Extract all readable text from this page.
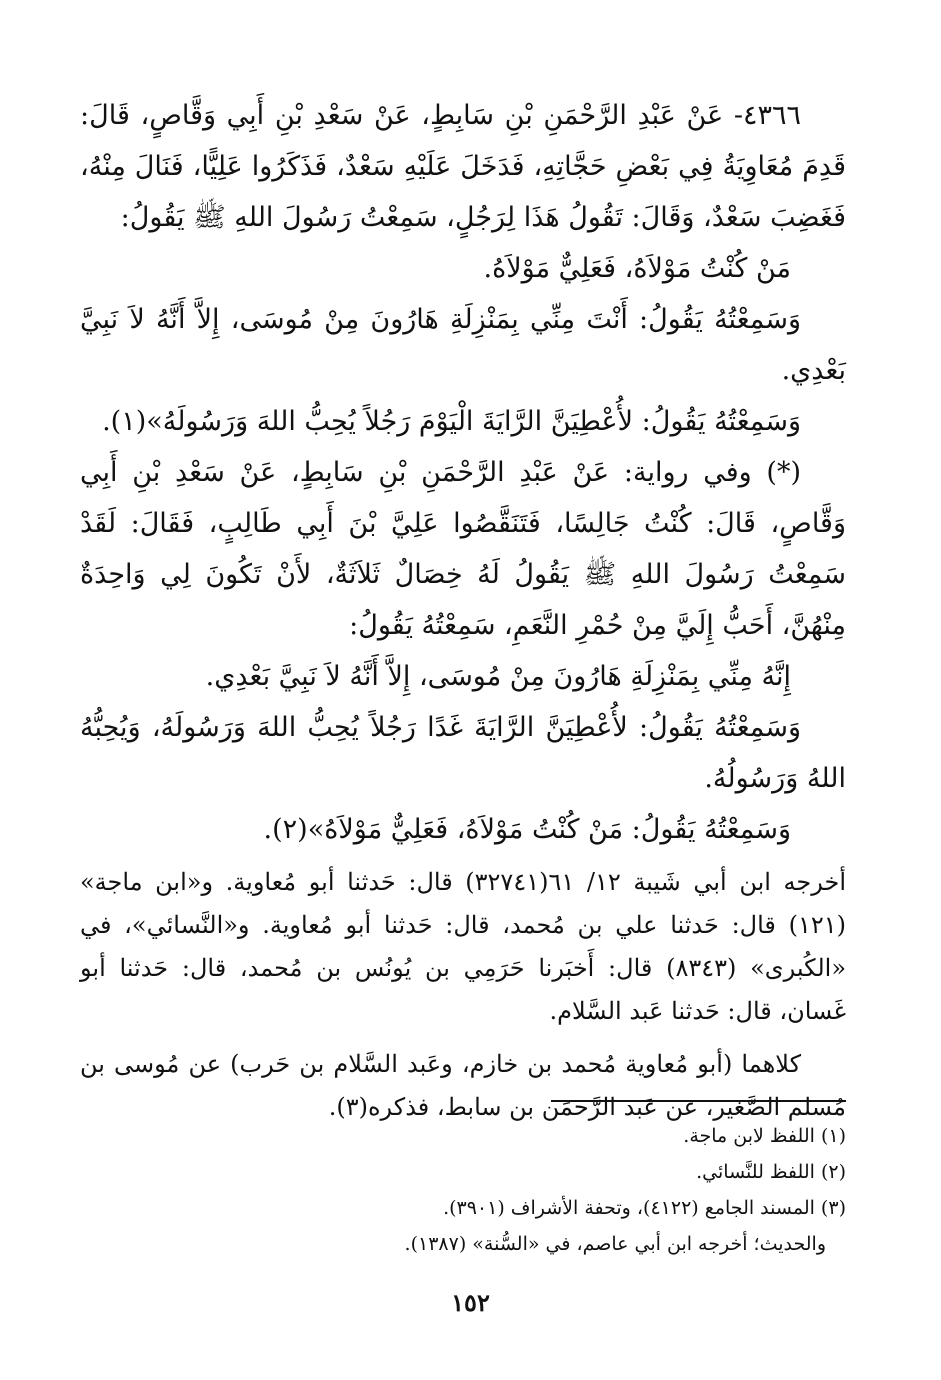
٤٣٦٦- عَنْ عَبْدِ الرَّحْمَنِ بْنِ سَابِطٍ، عَنْ سَعْدِ بْنِ أَبِي وَقَّاصٍ، قَالَ: قَدِمَ مُعَاوِيَةُ فِي بَعْضِ حَجَّاتِهِ، فَدَخَلَ عَلَيْهِ سَعْدٌ، فَذَكَرُوا عَلِيًّا، فَنَالَ مِنْهُ، فَغَضِبَ سَعْدٌ، وَقَالَ: تَقُولُ هَذَا لِرَجُلٍ، سَمِعْتُ رَسُولَ اللهِ ﷺ يَقُولُ:

مَنْ كُنْتُ مَوْلاَهُ، فَعَلِيٌّ مَوْلاَهُ.

وَسَمِعْتُهُ يَقُولُ: أَنْتَ مِنِّي بِمَنْزِلَةِ هَارُونَ مِنْ مُوسَى، إِلاَّ أَنَّهُ لاَ نَبِيَّ بَعْدِي.

وَسَمِعْتُهُ يَقُولُ: لأُعْطِيَنَّ الرَّايَةَ الْيَوْمَ رَجُلاً يُحِبُّ اللهَ وَرَسُولَهُ»(١).

(*) وفي رواية: عَنْ عَبْدِ الرَّحْمَنِ بْنِ سَابِطٍ، عَنْ سَعْدِ بْنِ أَبِي وَقَّاصٍ، قَالَ: كُنْتُ جَالِسًا، فَتَنَقَّصُوا عَلِيَّ بْنَ أَبِي طَالِبٍ، فَقَالَ: لَقَدْ سَمِعْتُ رَسُولَ اللهِ ﷺ يَقُولُ لَهُ خِصَالٌ ثَلاَثَةٌ، لأَنْ تَكُونَ لِي وَاحِدَةٌ مِنْهُنَّ، أَحَبُّ إِلَيَّ مِنْ حُمْرِ النَّعَمِ، سَمِعْتُهُ يَقُولُ:

إِنَّهُ مِنِّي بِمَنْزِلَةِ هَارُونَ مِنْ مُوسَى، إِلاَّ أَنَّهُ لاَ نَبِيَّ بَعْدِي.

وَسَمِعْتُهُ يَقُولُ: لأُعْطِيَنَّ الرَّايَةَ غَدًا رَجُلاً يُحِبُّ اللهَ وَرَسُولَهُ، وَيُحِبُّهُ اللهُ وَرَسُولُهُ.

وَسَمِعْتُهُ يَقُولُ: مَنْ كُنْتُ مَوْلاَهُ، فَعَلِيٌّ مَوْلاَهُ»(٢).

أخرجه ابن أبي شَيبة ١٢/ ٦١(٣٢٧٤١) قال: حَدثنا أبو مُعاوية. و«ابن ماجة» (١٢١) قال: حَدثنا علي بن مُحمد، قال: حَدثنا أبو مُعاوية. و«النَّسائي»، في «الكُبرى» (٨٣٤٣) قال: أَخبَرنا حَرَمِي بن يُونُس بن مُحمد، قال: حَدثنا أبو غَسان، قال: حَدثنا عَبد السَّلام.

كلاهما (أبو مُعاوية مُحمد بن خازم، وعَبد السَّلام بن حَرب) عن مُوسى بن مُسلم الصَّغير، عن عَبد الرَّحمَن بن سابط، فذكره(٣).

(١) اللفظ لابن ماجة.

(٢) اللفظ للنَّسائي.

(٣) المسند الجامع (٤١٢٢)، وتحفة الأشراف (٣٩٠١).

والحديث؛ أخرجه ابن أبي عاصم، في «السُّنة» (١٣٨٧).

١٥٢
